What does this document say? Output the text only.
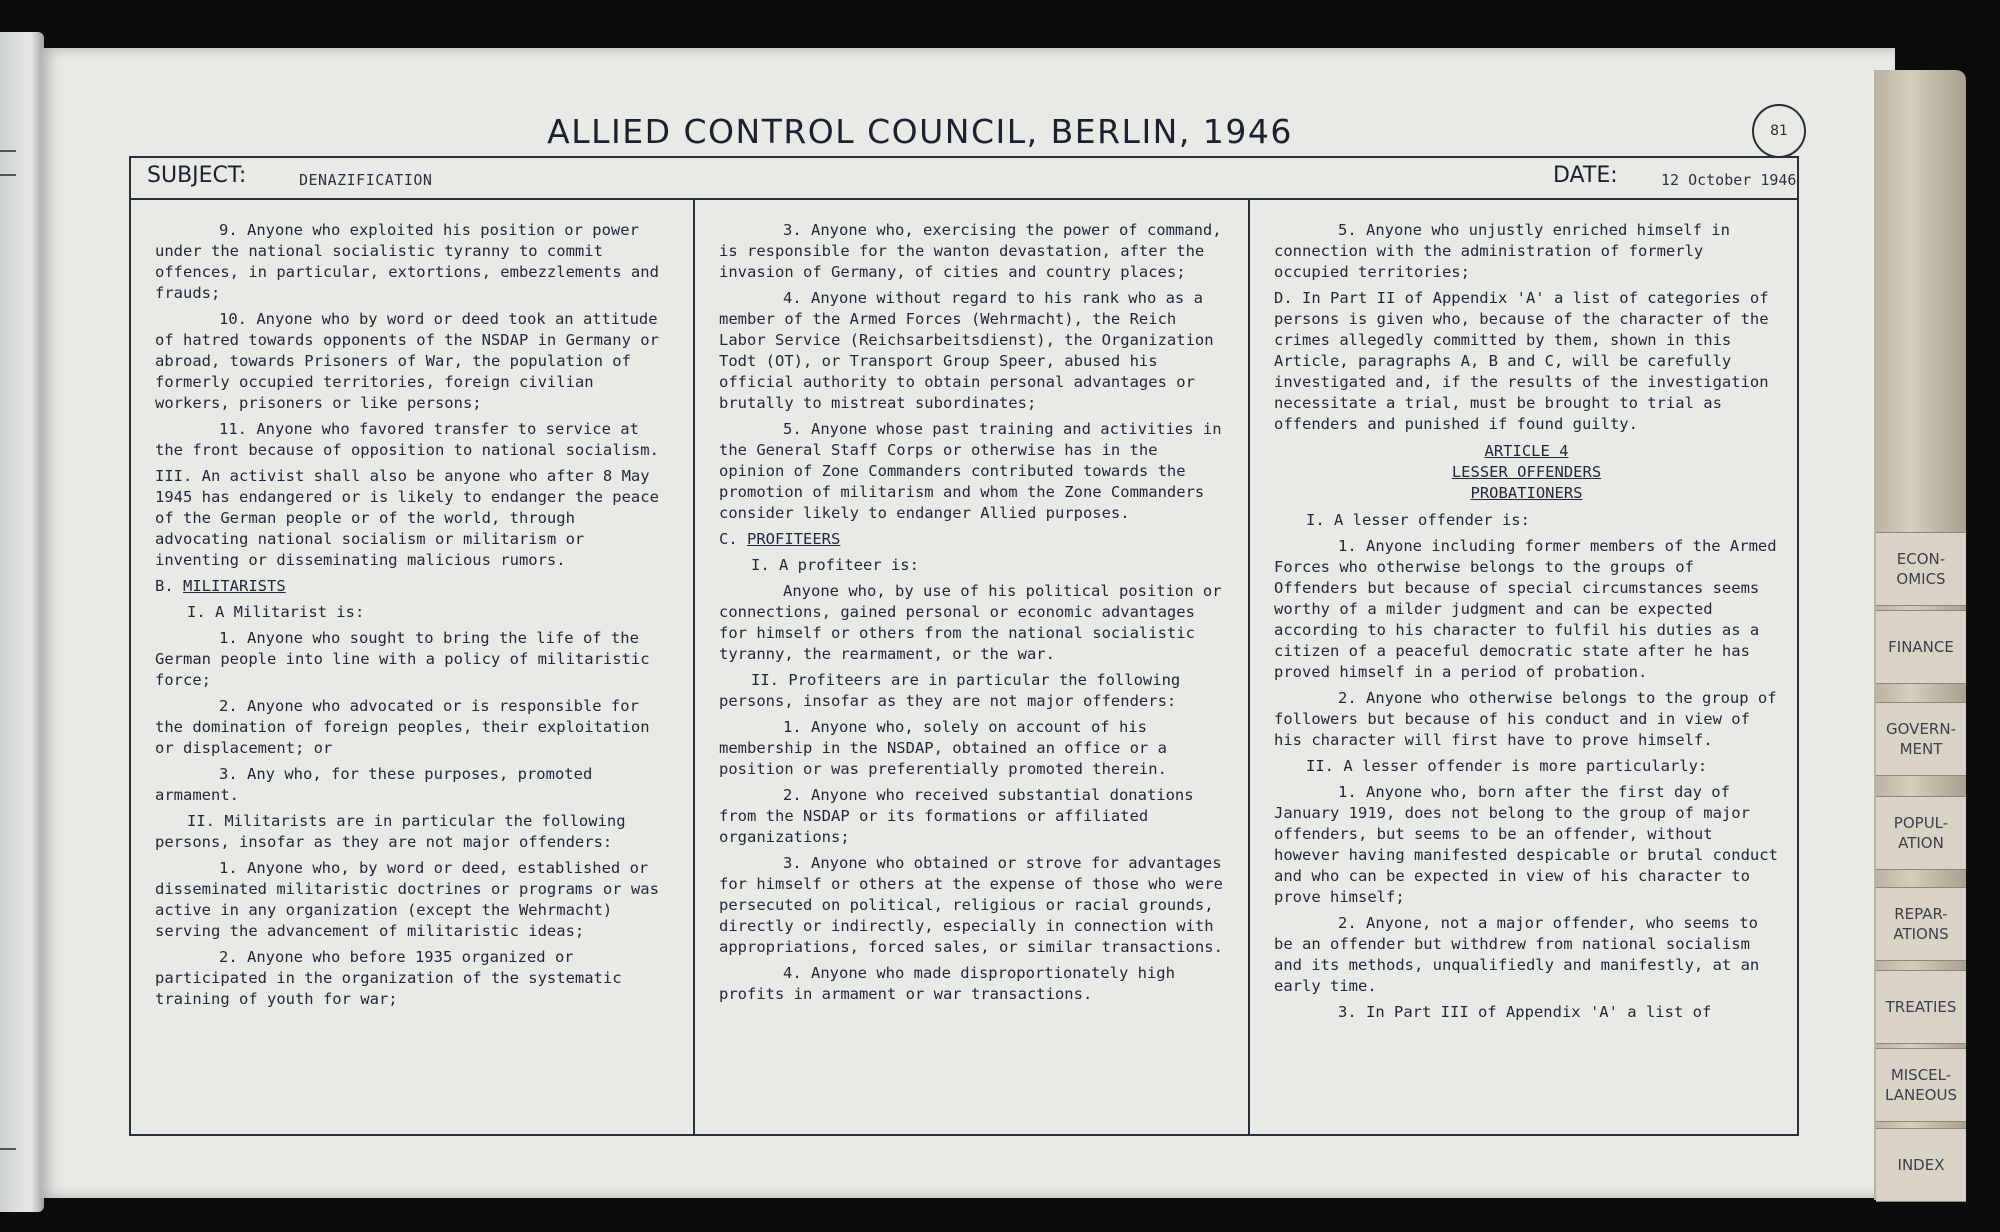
ALLIED CONTROL COUNCIL, BERLIN, 1946	81
SUBJECT:	DENAZIFICATION	DATE:	12 October 1946

9. Anyone who exploited his position or power under the national socialistic tyranny to commit offences, in particular, extortions, embezzlements and frauds;

10. Anyone who by word or deed took an attitude of hatred towards opponents of the NSDAP in Germany or abroad, towards Prisoners of War, the population of formerly occupied territories, foreign civilian workers, prisoners or like persons;

11. Anyone who favored transfer to service at the front because of opposition to national socialism.

III. An activist shall also be anyone who after 8 May 1945 has endangered or is likely to endanger the peace of the German people or of the world, through advocating national socialism or militarism or inventing or disseminating malicious rumors.

B. MILITARISTS

I. A Militarist is:

1. Anyone who sought to bring the life of the German people into line with a policy of militaristic force;

2. Anyone who advocated or is responsible for the domination of foreign peoples, their exploitation or displacement; or

3. Any who, for these purposes, promoted armament.

II. Militarists are in particular the following persons, insofar as they are not major offenders:

1. Anyone who, by word or deed, established or disseminated militaristic doctrines or programs or was active in any organization (except the Wehrmacht) serving the advancement of militaristic ideas;

2. Anyone who before 1935 organized or participated in the organization of the systematic training of youth for war;

3. Anyone who, exercising the power of command, is responsible for the wanton devastation, after the invasion of Germany, of cities and country places;

4. Anyone without regard to his rank who as a member of the Armed Forces (Wehrmacht), the Reich Labor Service (Reichsarbeitsdienst), the Organization Todt (OT), or Transport Group Speer, abused his official authority to obtain personal advantages or brutally to mistreat subordinates;

5. Anyone whose past training and activities in the General Staff Corps or otherwise has in the opinion of Zone Commanders contributed towards the promotion of militarism and whom the Zone Commanders consider likely to endanger Allied purposes.

C. PROFITEERS

I. A profiteer is:

Anyone who, by use of his political position or connections, gained personal or economic advantages for himself or others from the national socialistic tyranny, the rearmament, or the war.

II. Profiteers are in particular the following persons, insofar as they are not major offenders:

1. Anyone who, solely on account of his membership in the NSDAP, obtained an office or a position or was preferentially promoted therein.

2. Anyone who received substantial donations from the NSDAP or its formations or affiliated organizations;

3. Anyone who obtained or strove for advantages for himself or others at the expense of those who were persecuted on political, religious or racial grounds, directly or indirectly, especially in connection with appropriations, forced sales, or similar transactions.

4. Anyone who made disproportionately high profits in armament or war transactions.

5. Anyone who unjustly enriched himself in connection with the administration of formerly occupied territories;

D. In Part II of Appendix 'A' a list of categories of persons is given who, because of the character of the crimes allegedly committed by them, shown in this Article, paragraphs A, B and C, will be carefully investigated and, if the results of the investigation necessitate a trial, must be brought to trial as offenders and punished if found guilty.

ARTICLE 4

LESSER OFFENDERS

PROBATIONERS

I. A lesser offender is:

1. Anyone including former members of the Armed Forces who otherwise belongs to the groups of Offenders but because of special circumstances seems worthy of a milder judgment and can be expected according to his character to fulfil his duties as a citizen of a peaceful democratic state after he has proved himself in a period of probation.

2. Anyone who otherwise belongs to the group of followers but because of his conduct and in view of his character will first have to prove himself.

II. A lesser offender is more particularly:

1. Anyone who, born after the first day of January 1919, does not belong to the group of major offenders, but seems to be an offender, without however having manifested despicable or brutal conduct and who can be expected in view of his character to prove himself;

2. Anyone, not a major offender, who seems to be an offender but withdrew from national socialism and its methods, unqualifiedly and manifestly, at an early time.

3. In Part III of Appendix 'A' a list of

ECON-
OMICS
FINANCE
GOVERN-
MENT
POPUL-
ATION
REPAR-
ATIONS
TREATIES
MISCEL-
LANEOUS
INDEX
